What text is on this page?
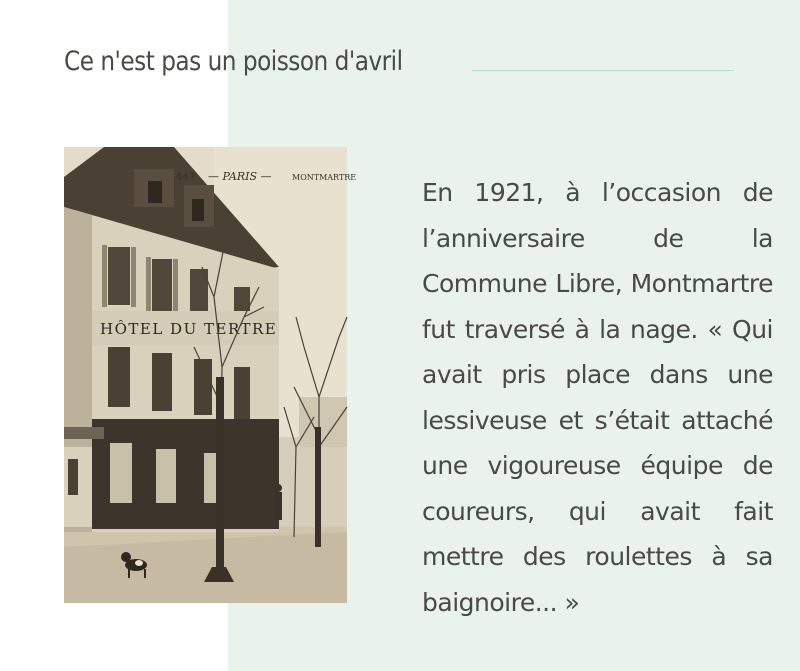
Ce n'est pas un poisson d'avril
HÔTEL DU TERTRE
447 — PARIS —	MONTMARTRE

En 1921, à l’occasion de l’anniversaire de la Commune Libre, Montmartre fut traversé à la nage. « Qui avait pris place dans une lessiveuse et s’était attaché une vigoureuse équipe de coureurs, qui avait fait mettre des roulettes à sa baignoire... »
